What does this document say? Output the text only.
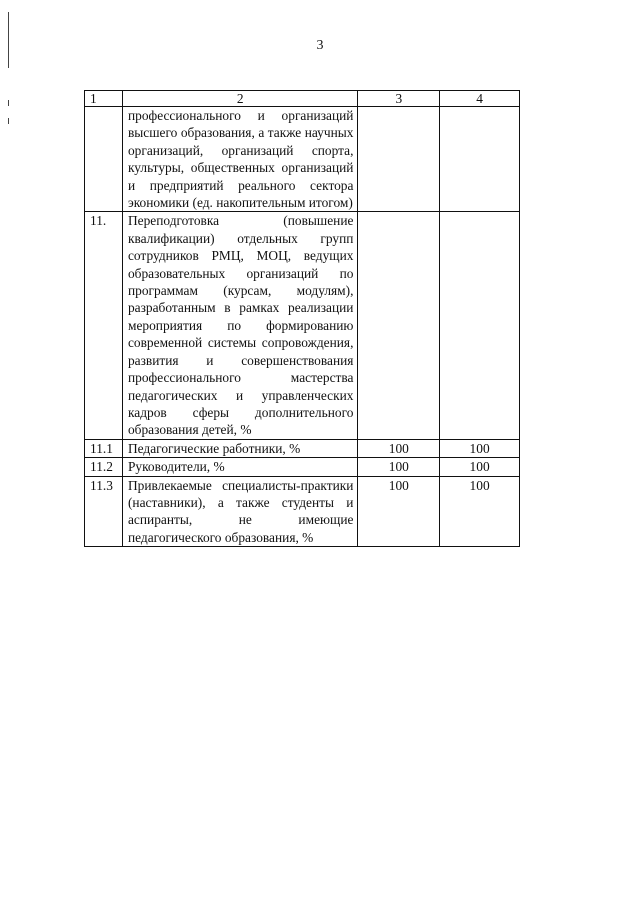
3
1	2	3	4
	профессионального и организаций высшего образования, а также научных организаций, организаций спорта, культуры, общественных организаций и предприятий реального сектора экономики (ед. накопительным итогом)		
11.	Переподготовка (повышение квалификации) отдельных групп сотрудников РМЦ, МОЦ, ведущих образовательных организаций по программам (курсам, модулям), разработанным в рамках реализации мероприятия по формированию современной системы сопровождения, развития и совершенствования профессионального мастерства педагогических и управленческих кадров сферы дополнительного образования детей, %		
11.1	Педагогические работники, %	100	100
11.2	Руководители, %	100	100
11.3	Привлекаемые специалисты-практики (наставники), а также студенты и аспиранты, не имеющие педагогического образования, %	100	100
